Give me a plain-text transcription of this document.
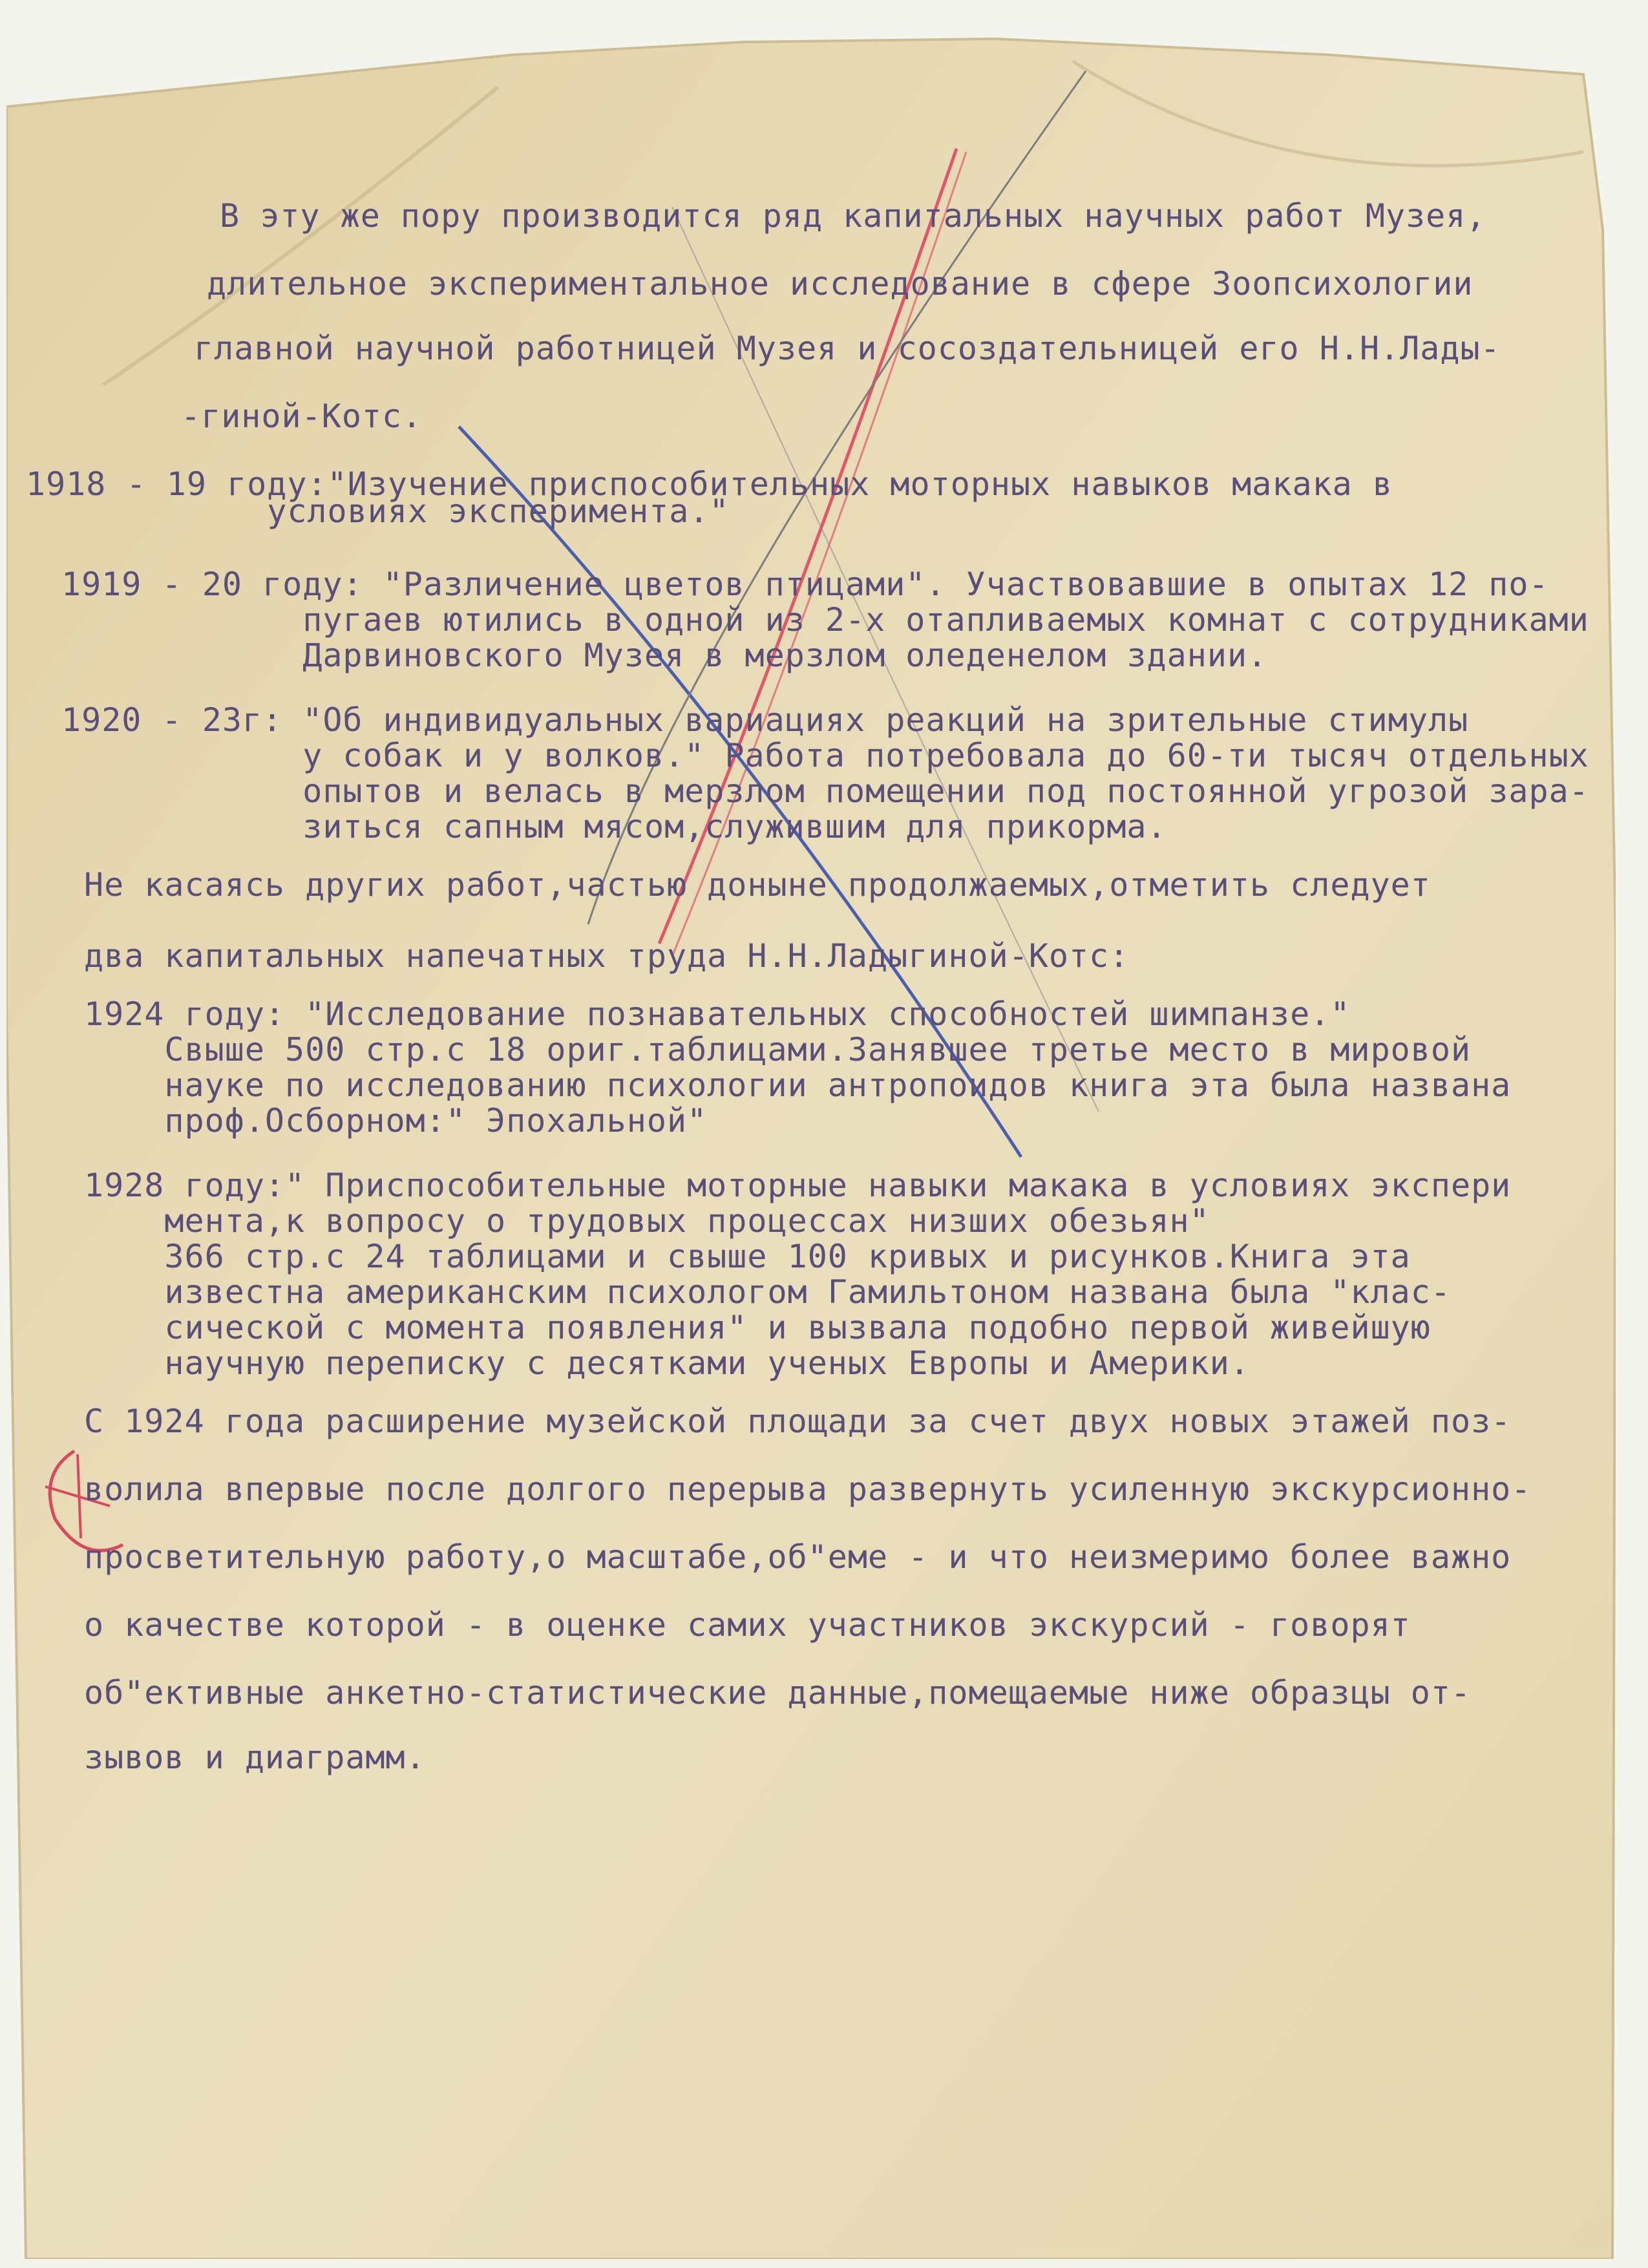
В эту же пору производится ряд капитальных научных работ Музея,
длительное экспериментальное исследование в сфере Зоопсихологии
главной научной работницей Музея и сосоздательницей его Н.Н.Лады-
-гиной-Котс.
1918 - 19 году:"Изучение приспособительных моторных навыков макака в
условиях эксперимента."
1919 - 20 году: "Различение цветов птицами". Участвовавшие в опытах 12 по-
пугаев ютились в одной из 2-х отапливаемых комнат с сотрудниками
Дарвиновского Музея в мерзлом оледенелом здании.
1920 - 23г: "Об индивидуальных вариациях реакций на зрительные стимулы
у собак и у волков." Работа потребовала до 60-ти тысяч отдельных
опытов и велась в мерзлом помещении под постоянной угрозой зара-
зиться сапным мясом,служившим для прикорма.
Не касаясь других работ,частью доныне продолжаемых,отметить следует
два капитальных напечатных труда Н.Н.Ладыгиной-Котс:
1924 году: "Исследование познавательных способностей шимпанзе."
Свыше 500 стр.с 18 ориг.таблицами.Занявшее третье место в мировой
науке по исследованию психологии антропоидов книга эта была названа
проф.Осборном:" Эпохальной"
1928 году:" Приспособительные моторные навыки макака в условиях экспери
мента,к вопросу о трудовых процессах низших обезьян"
366 стр.с 24 таблицами и свыше 100 кривых и рисунков.Книга эта
известна американским психологом Гамильтоном названа была "клас-
сической с момента появления" и вызвала подобно первой живейшую
научную переписку с десятками ученых Европы и Америки.
С 1924 года расширение музейской площади за счет двух новых этажей поз-
волила впервые после долгого перерыва развернуть усиленную экскурсионно-
просветительную работу,о масштабе,об"еме - и что неизмеримо более важно
о качестве которой - в оценке самих участников экскурсий - говорят
об"ективные анкетно-статистические данные,помещаемые ниже образцы от-
зывов и диаграмм.
